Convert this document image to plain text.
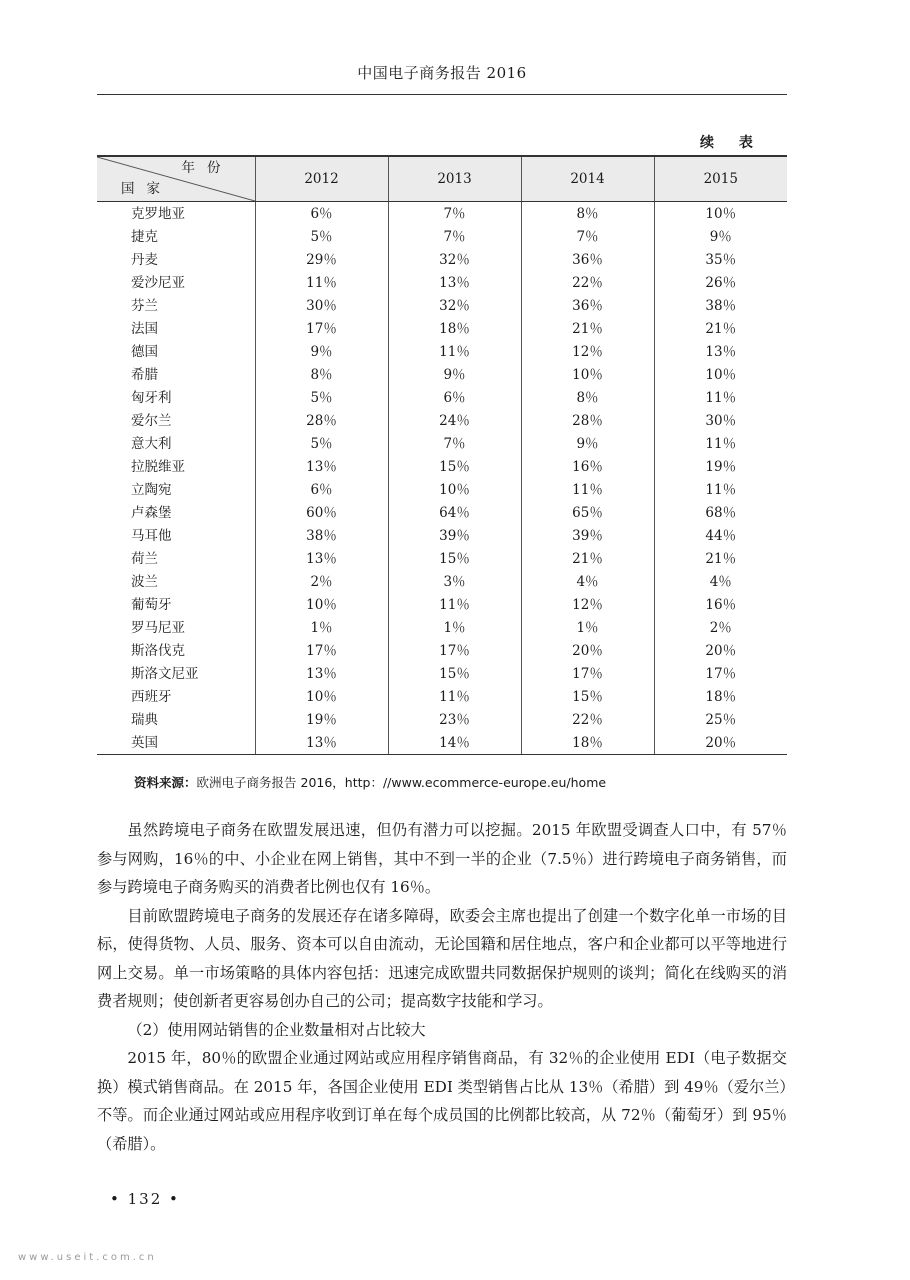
中国电子商务报告 2016
续 表
年份
国家	2012	2013	2014	2015
克罗地亚	6％	7％	8％	10％
捷克	5％	7％	7％	9％
丹麦	29％	32％	36％	35％
爱沙尼亚	11％	13％	22％	26％
芬兰	30％	32％	36％	38％
法国	17％	18％	21％	21％
德国	9％	11％	12％	13％
希腊	8％	9％	10％	10％
匈牙利	5％	6％	8％	11％
爱尔兰	28％	24％	28％	30％
意大利	5％	7％	9％	11％
拉脱维亚	13％	15％	16％	19％
立陶宛	6％	10％	11％	11％
卢森堡	60％	64％	65％	68％
马耳他	38％	39％	39％	44％
荷兰	13％	15％	21％	21％
波兰	2％	3％	4％	4％
葡萄牙	10％	11％	12％	16％
罗马尼亚	1％	1％	1％	2％
斯洛伐克	17％	17％	20％	20％
斯洛文尼亚	13％	15％	17％	17％
西班牙	10％	11％	15％	18％
瑞典	19％	23％	22％	25％
英国	13％	14％	18％	20％
资料来源：欧洲电子商务报告 2016，http：//www.ecommerce-europe.eu/home

虽然跨境电子商务在欧盟发展迅速，但仍有潜力可以挖掘。2015 年欧盟受调查人口中，有 57％参与网购，16％的中、小企业在网上销售，其中不到一半的企业（7.5％）进行跨境电子商务销售，而参与跨境电子商务购买的消费者比例也仅有 16％。

目前欧盟跨境电子商务的发展还存在诸多障碍，欧委会主席也提出了创建一个数字化单一市场的目标，使得货物、人员、服务、资本可以自由流动，无论国籍和居住地点，客户和企业都可以平等地进行网上交易。单一市场策略的具体内容包括：迅速完成欧盟共同数据保护规则的谈判；简化在线购买的消费者规则；使创新者更容易创办自己的公司；提高数字技能和学习。

（2）使用网站销售的企业数量相对占比较大

2015 年，80％的欧盟企业通过网站或应用程序销售商品，有 32％的企业使用 EDI（电子数据交换）模式销售商品。在 2015 年，各国企业使用 EDI 类型销售占比从 13％（希腊）到 49％（爱尔兰）不等。而企业通过网站或应用程序收到订单在每个成员国的比例都比较高，从 72％（葡萄牙）到 95％（希腊）。

• 132 •
www.useit.com.cn
